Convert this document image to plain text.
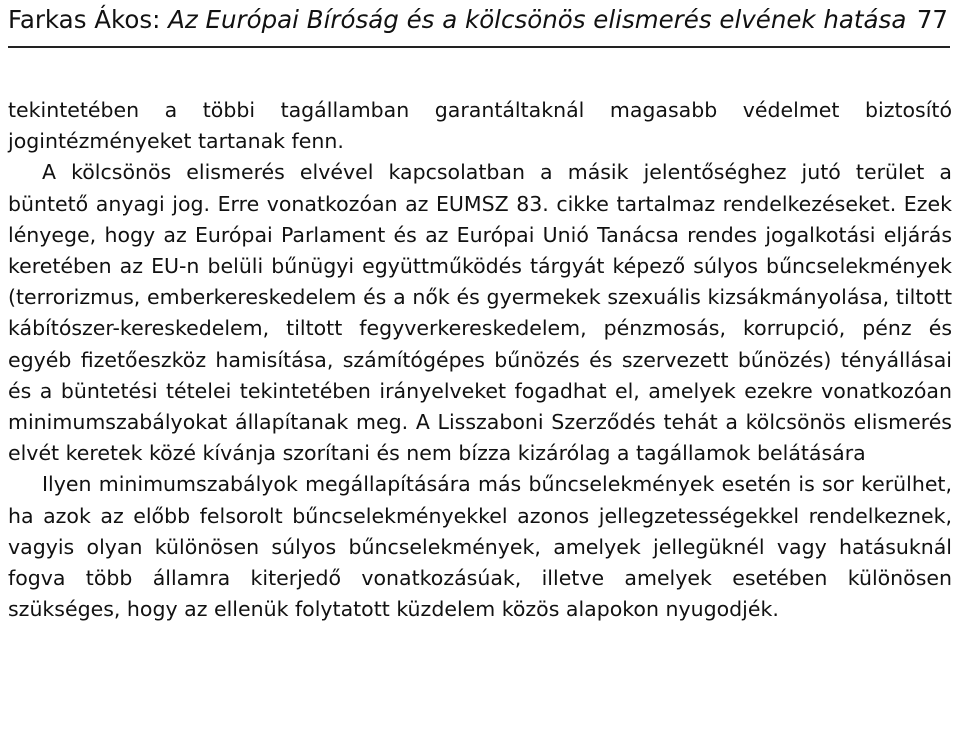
Farkas Ákos: Az Európai Bíróság és a kölcsönös elismerés elvének hatása 77

tekintetében a többi tagállamban garantáltaknál magasabb védelmet biztosító jogintézményeket tartanak fenn.

A kölcsönös elismerés elvével kapcsolatban a másik jelentőséghez jutó terület a büntető anyagi jog. Erre vonatkozóan az EUMSZ 83. cikke tartalmaz rendelkezéseket. Ezek lényege, hogy az Európai Parlament és az Európai Unió Tanácsa rendes jogalkotási eljárás keretében az EU-n belüli bűnügyi együttműködés tárgyát képező súlyos bűncselekmények (terrorizmus, emberkereskedelem és a nők és gyermekek szexuális kizsákmányolása, tiltott kábítószer-kereskedelem, tiltott fegyverkereskedelem, pénzmosás, korrupció, pénz és egyéb fizetőeszköz hamisítása, számítógépes bűnözés és szervezett bűnözés) tényállásai és a büntetési tételei tekintetében irányelveket fogadhat el, amelyek ezekre vonatkozóan minimumszabályokat állapítanak meg. A Lisszaboni Szerződés tehát a kölcsönös elismerés elvét keretek közé kívánja szorítani és nem bízza kizárólag a tagállamok belátására

Ilyen minimumszabályok megállapítására más bűncselekmények esetén is sor kerülhet, ha azok az előbb felsorolt bűncselekményekkel azonos jellegzetességekkel rendelkeznek, vagyis olyan különösen súlyos bűncselekmények, amelyek jellegüknél vagy hatásuknál fogva több államra kiterjedő vonatkozásúak, illetve amelyek esetében különösen szükséges, hogy az ellenük folytatott küzdelem közös alapokon nyugodjék.
